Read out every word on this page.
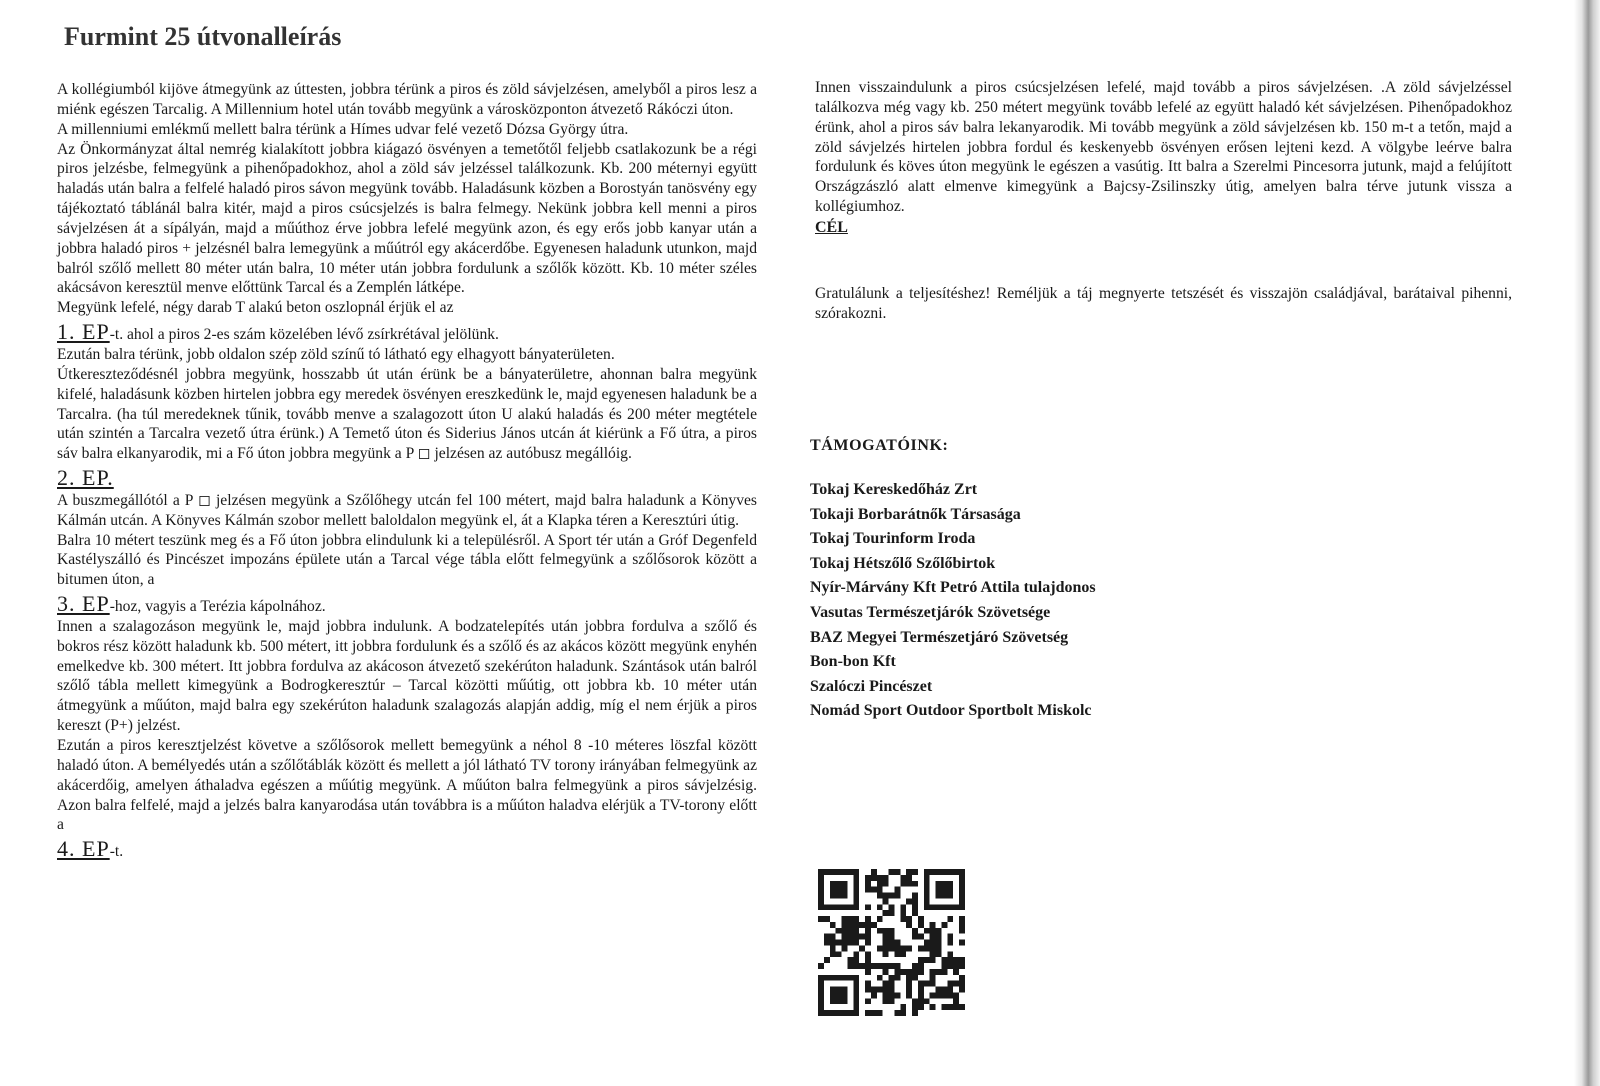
Furmint 25 útvonalleírás

A kollégiumból kijöve átmegyünk az úttesten, jobbra térünk a piros és zöld sávjelzésen, amelyből a piros lesz a miénk egészen Tarcalig. A Millennium hotel után tovább megyünk a városközponton átvezető Rákóczi úton.

A millenniumi emlékmű mellett balra térünk a Hímes udvar felé vezető Dózsa György útra.

Az Önkormányzat által nemrég kialakított jobbra kiágazó ösvényen a temetőtől feljebb csatlakozunk be a régi piros jelzésbe, felmegyünk a pihenőpadokhoz, ahol a zöld sáv jelzéssel találkozunk. Kb. 200 méternyi együtt haladás után balra a felfelé haladó piros sávon megyünk tovább. Haladásunk közben a Borostyán tanösvény egy tájékoztató táblánál balra kitér, majd a piros csúcsjelzés is balra felmegy. Nekünk jobbra kell menni a piros sávjelzésen át a sípályán, majd a műúthoz érve jobbra lefelé megyünk azon, és egy erős jobb kanyar után a jobbra haladó piros + jelzésnél balra lemegyünk a műútról egy akácerdőbe. Egyenesen haladunk utunkon, majd balról szőlő mellett 80 méter után balra, 10 méter után jobbra fordulunk a szőlők között. Kb. 10 méter széles akácsávon keresztül menve előttünk Tarcal és a Zemplén látképe.

Megyünk lefelé, négy darab T alakú beton oszlopnál érjük el az

1. EP-t. ahol a piros 2-es szám közelében lévő zsírkrétával jelölünk.

Ezután balra térünk, jobb oldalon szép zöld színű tó látható egy elhagyott bányaterületen.

Útkereszteződésnél jobbra megyünk, hosszabb út után érünk be a bányaterületre, ahonnan balra megyünk kifelé, haladásunk közben hirtelen jobbra egy meredek ösvényen ereszkedünk le, majd egyenesen haladunk be a Tarcalra. (ha túl meredeknek tűnik, tovább menve a szalagozott úton U alakú haladás és 200 méter megtétele után szintén a Tarcalra vezető útra érünk.) A Temető úton és Siderius János utcán át kiérünk a Fő útra, a piros sáv balra elkanyarodik, mi a Fő úton jobbra megyünk a P ◻ jelzésen az autóbusz megállóig.

2. EP.

A buszmegállótól a P ◻ jelzésen megyünk a Szőlőhegy utcán fel 100 métert, majd balra haladunk a Könyves Kálmán utcán. A Könyves Kálmán szobor mellett baloldalon megyünk el, át a Klapka téren a Keresztúri útig.

Balra 10 métert teszünk meg és a Fő úton jobbra elindulunk ki a településről. A Sport tér után a Gróf Degenfeld Kastélyszálló és Pincészet impozáns épülete után a Tarcal vége tábla előtt felmegyünk a szőlősorok között a bitumen úton, a

3. EP-hoz, vagyis a Terézia kápolnához.

Innen a szalagozáson megyünk le, majd jobbra indulunk. A bodzatelepítés után jobbra fordulva a szőlő és bokros rész között haladunk kb. 500 métert, itt jobbra fordulunk és a szőlő és az akácos között megyünk enyhén emelkedve kb. 300 métert. Itt jobbra fordulva az akácoson átvezető szekérúton haladunk. Szántások után balról szőlő tábla mellett kimegyünk a Bodrogkeresztúr – Tarcal közötti műútig, ott jobbra kb. 10 méter után átmegyünk a műúton, majd balra egy szekérúton haladunk szalagozás alapján addig, míg el nem érjük a piros kereszt (P+) jelzést.

Ezután a piros keresztjelzést követve a szőlősorok mellett bemegyünk a néhol 8 -10 méteres löszfal között haladó úton. A bemélyedés után a szőlőtáblák között és mellett a jól látható TV torony irányában felmegyünk az akácerdőig, amelyen áthaladva egészen a műútig megyünk. A műúton balra felmegyünk a piros sávjelzésig. Azon balra felfelé, majd a jelzés balra kanyarodása után továbbra is a műúton haladva elérjük a TV-torony előtt a

4. EP-t.

Innen visszaindulunk a piros csúcsjelzésen lefelé, majd tovább a piros sávjelzésen. .A zöld sávjelzéssel találkozva még vagy kb. 250 métert megyünk tovább lefelé az együtt haladó két sávjelzésen. Pihenőpadokhoz érünk, ahol a piros sáv balra lekanyarodik. Mi tovább megyünk a zöld sávjelzésen kb. 150 m-t a tetőn, majd a zöld sávjelzés hirtelen jobbra fordul és keskenyebb ösvényen erősen lejteni kezd. A völgybe leérve balra fordulunk és köves úton megyünk le egészen a vasútig. Itt balra a Szerelmi Pincesorra jutunk, majd a felújított Országzászló alatt elmenve kimegyünk a Bajcsy-Zsilinszky útig, amelyen balra térve jutunk vissza a kollégiumhoz.

CÉL

Gratulálunk a teljesítéshez! Reméljük a táj megnyerte tetszését és visszajön családjával, barátaival pihenni, szórakozni.

TÁMOGATÓINK:
Tokaj Kereskedőház Zrt
Tokaji Borbarátnők Társasága
Tokaj Tourinform Iroda
Tokaj Hétszőlő Szőlőbirtok
Nyír-Márvány Kft Petró Attila tulajdonos
Vasutas Természetjárók Szövetsége
BAZ Megyei Természetjáró Szövetség
Bon-bon Kft
Szalóczi Pincészet
Nomád Sport Outdoor Sportbolt Miskolc
